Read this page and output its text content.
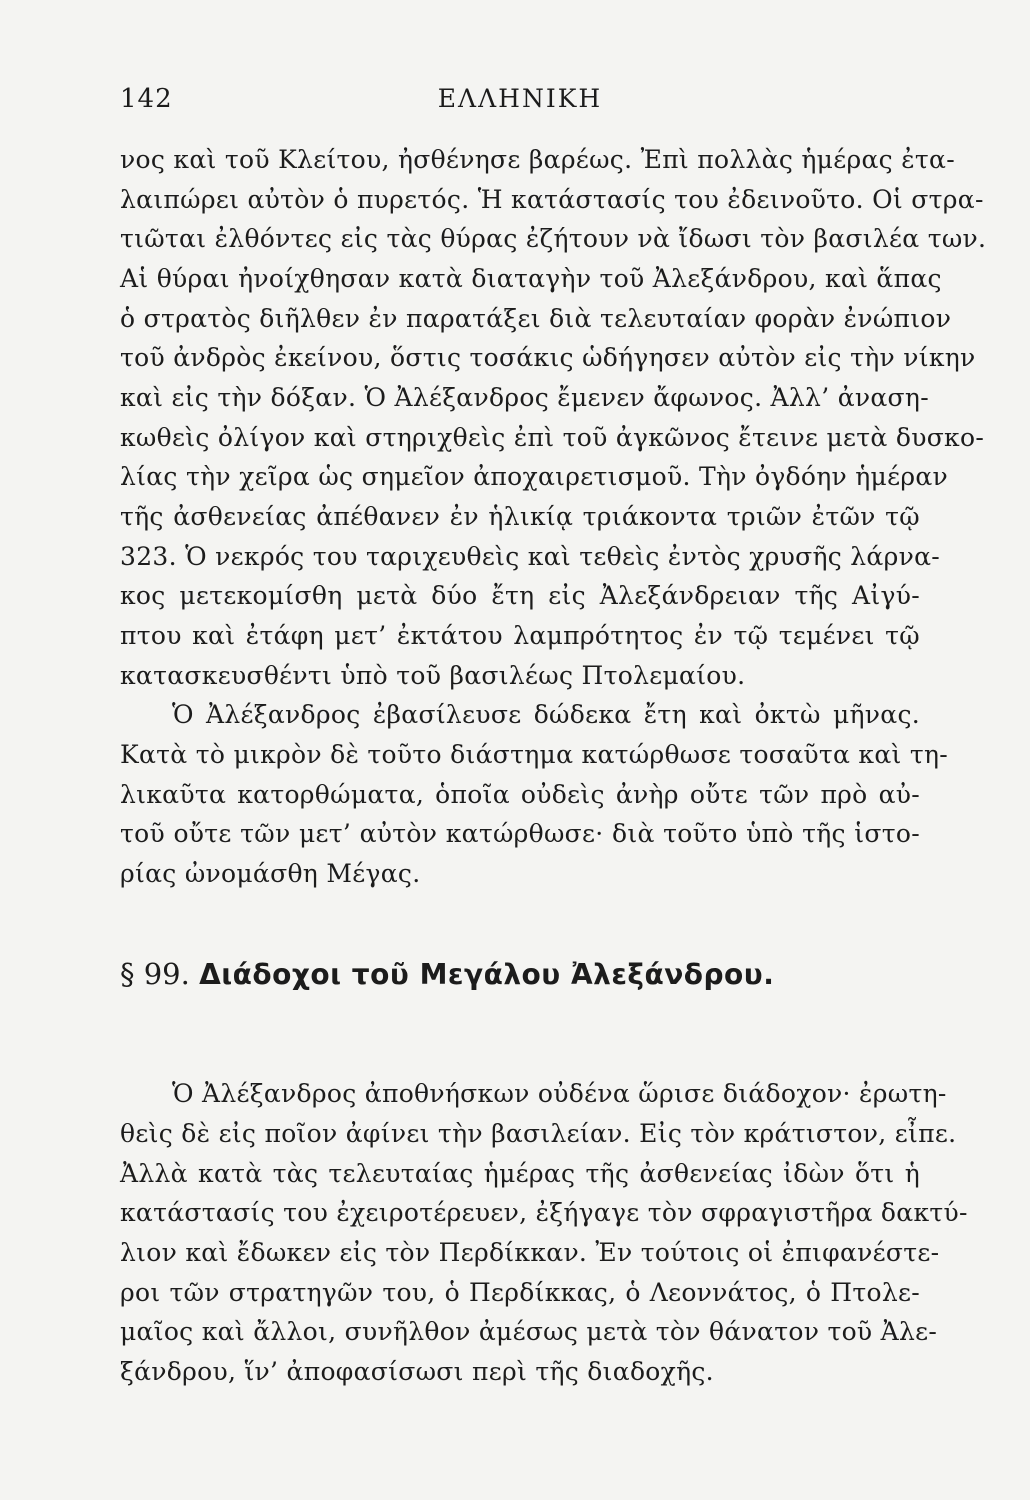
142	ΕΛΛΗΝΙΚΗ
νος καὶ τοῦ Κλείτου, ἠσθένησε βαρέως. Ἐπὶ πολλὰς ἡμέρας ἐτα-
λαιπώρει αὐτὸν ὁ πυρετός. Ἡ κατάστασίς του ἐδεινοῦτο. Οἱ στρα-
τιῶται ἐλθόντες εἰς τὰς θύρας ἐζήτουν νὰ ἴδωσι τὸν βασιλέα των.
Αἱ θύραι ἠνοίχθησαν κατὰ διαταγὴν τοῦ Ἀλεξάνδρου, καὶ ἅπας
ὁ στρατὸς διῆλθεν ἐν παρατάξει διὰ τελευταίαν φορὰν ἐνώπιον
τοῦ ἀνδρὸς ἐκείνου, ὅστις τοσάκις ὡδήγησεν αὐτὸν εἰς τὴν νίκην
καὶ εἰς τὴν δόξαν. Ὁ Ἀλέξανδρος ἔμενεν ἄφωνος. Ἀλλ’ ἀναση-
κωθεὶς ὀλίγον καὶ στηριχθεὶς ἐπὶ τοῦ ἀγκῶνος ἔτεινε μετὰ δυσκο-
λίας τὴν χεῖρα ὡς σημεῖον ἀποχαιρετισμοῦ. Τὴν ὀγδόην ἡμέραν
τῆς ἀσθενείας ἀπέθανεν ἐν ἡλικίᾳ τριάκοντα τριῶν ἐτῶν τῷ
323. Ὁ νεκρός του ταριχευθεὶς καὶ τεθεὶς ἐντὸς χρυσῆς λάρνα-
κος μετεκομίσθη μετὰ δύο ἔτη εἰς Ἀλεξάνδρειαν τῆς Αἰγύ-
πτου καὶ ἐτάφη μετ’ ἐκτάτου λαμπρότητος ἐν τῷ τεμένει τῷ
κατασκευσθέντι ὑπὸ τοῦ βασιλέως Πτολεμαίου.
Ὁ Ἀλέξανδρος ἐβασίλευσε δώδεκα ἔτη καὶ ὀκτὼ μῆνας.
Κατὰ τὸ μικρὸν δὲ τοῦτο διάστημα κατώρθωσε τοσαῦτα καὶ τη-
λικαῦτα κατορθώματα, ὁποῖα οὐδεὶς ἀνὴρ οὔτε τῶν πρὸ αὐ-
τοῦ οὔτε τῶν μετ’ αὐτὸν κατώρθωσε· διὰ τοῦτο ὑπὸ τῆς ἱστο-
ρίας ὠνομάσθη Μέγας.
§ 99. Διάδοχοι τοῦ Μεγάλου Ἀλεξάνδρου.
Ὁ Ἀλέξανδρος ἀποθνήσκων οὐδένα ὥρισε διάδοχον· ἐρωτη-
θεὶς δὲ εἰς ποῖον ἀφίνει τὴν βασιλείαν. Εἰς τὸν κράτιστον, εἶπε.
Ἀλλὰ κατὰ τὰς τελευταίας ἡμέρας τῆς ἀσθενείας ἰδὼν ὅτι ἡ
κατάστασίς του ἐχειροτέρευεν, ἐξήγαγε τὸν σφραγιστῆρα δακτύ-
λιον καὶ ἔδωκεν εἰς τὸν Περδίκκαν. Ἐν τούτοις οἱ ἐπιφανέστε-
ροι τῶν στρατηγῶν του, ὁ Περδίκκας, ὁ Λεοννάτος, ὁ Πτολε-
μαῖος καὶ ἄλλοι, συνῆλθον ἀμέσως μετὰ τὸν θάνατον τοῦ Ἀλε-
ξάνδρου, ἵν’ ἀποφασίσωσι περὶ τῆς διαδοχῆς.
